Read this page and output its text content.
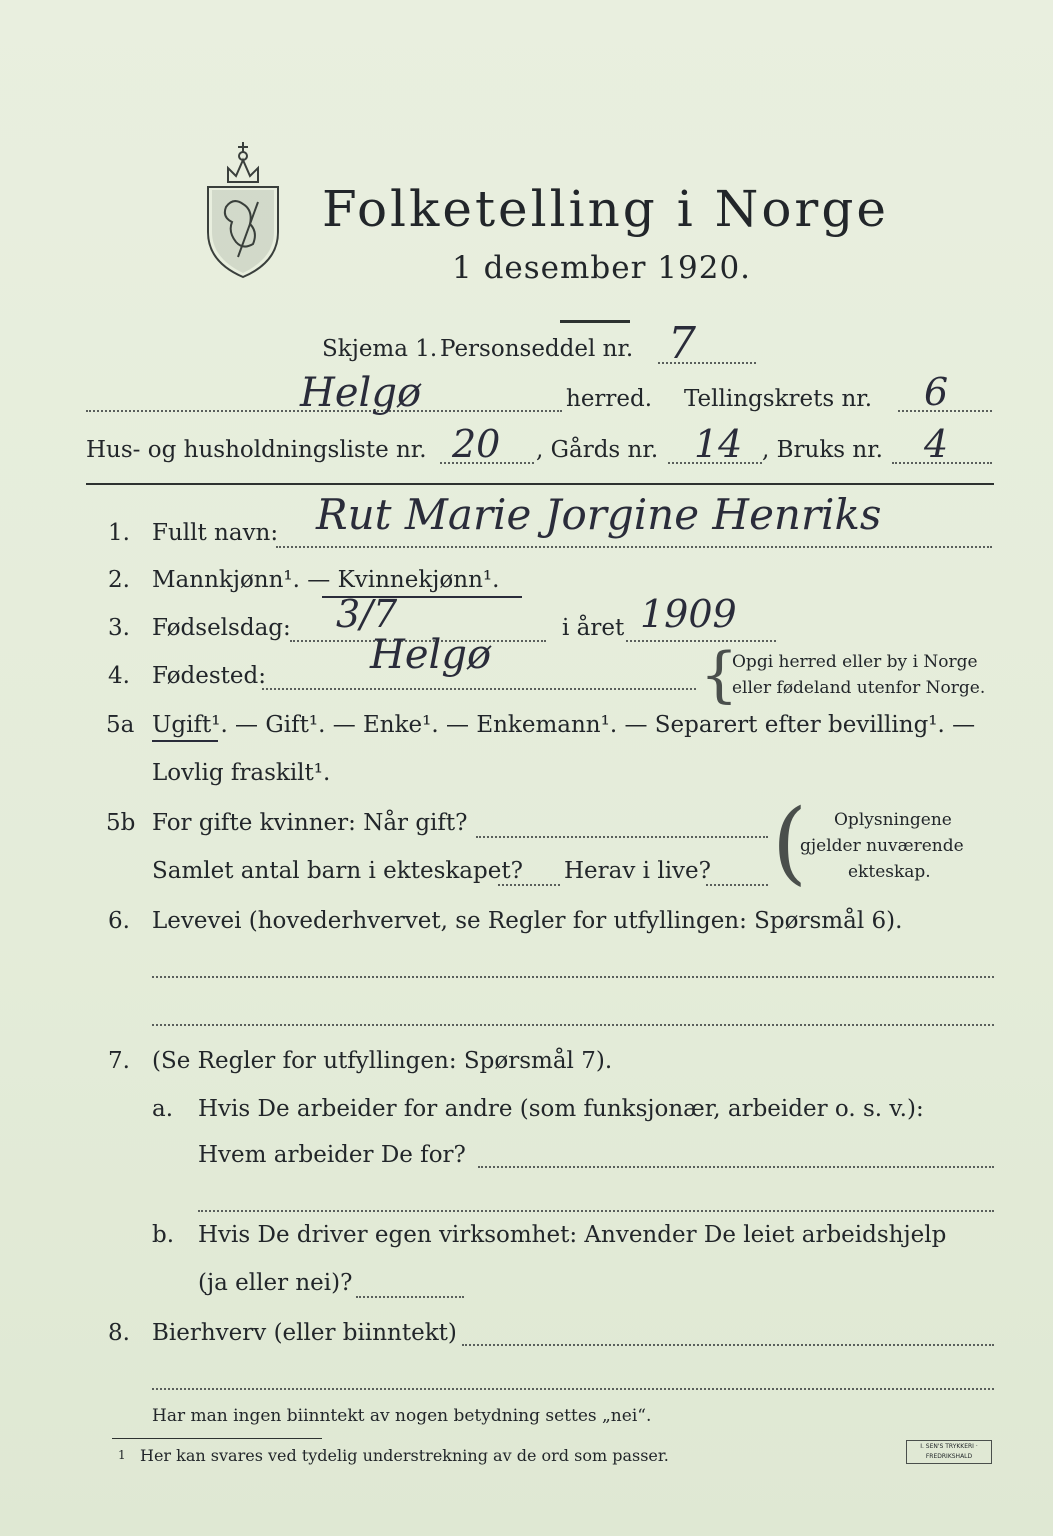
Folketelling i Norge
1 desember 1920.
Skjema 1. Personseddel nr. 7
Helgø	herred. Tellingskrets nr. 6
Hus- og husholdningsliste nr. 20 , Gårds nr. 14 , Bruks nr. 4
1. Fullt navn: Rut Marie Jorgine Henriks
2. Mannkjønn¹. — Kvinnekjønn¹.
3. Fødselsdag: 3/7	i året 1909
4. Fødested:	Helgø	{
Opgi herred eller by i Norge
eller fødeland utenfor Norge.
5a Ugift¹. — Gift¹. — Enke¹. — Enkemann¹. — Separert efter bevilling¹. —
Lovlig fraskilt¹.
5b For gifte kvinner: Når gift?
Samlet antal barn i ekteskapet? Herav i live? ( Oplysningene
gjelder nuværende
ekteskap.
6. Levevei (hovederhvervet, se Regler for utfyllingen: Spørsmål 6).
7. (Se Regler for utfyllingen: Spørsmål 7).
a. Hvis De arbeider for andre (som funksjonær, arbeider o. s. v.):
Hvem arbeider De for?
b. Hvis De driver egen virksomhet: Anvender De leiet arbeidshjelp
(ja eller nei)?
8. Bierhverv (eller biinntekt)
Har man ingen biinntekt av nogen betydning settes „nei“.
1 Her kan svares ved tydelig understrekning av de ord som passer.	I. SEN'S TRYKKERI · FREDRIKSHALD
